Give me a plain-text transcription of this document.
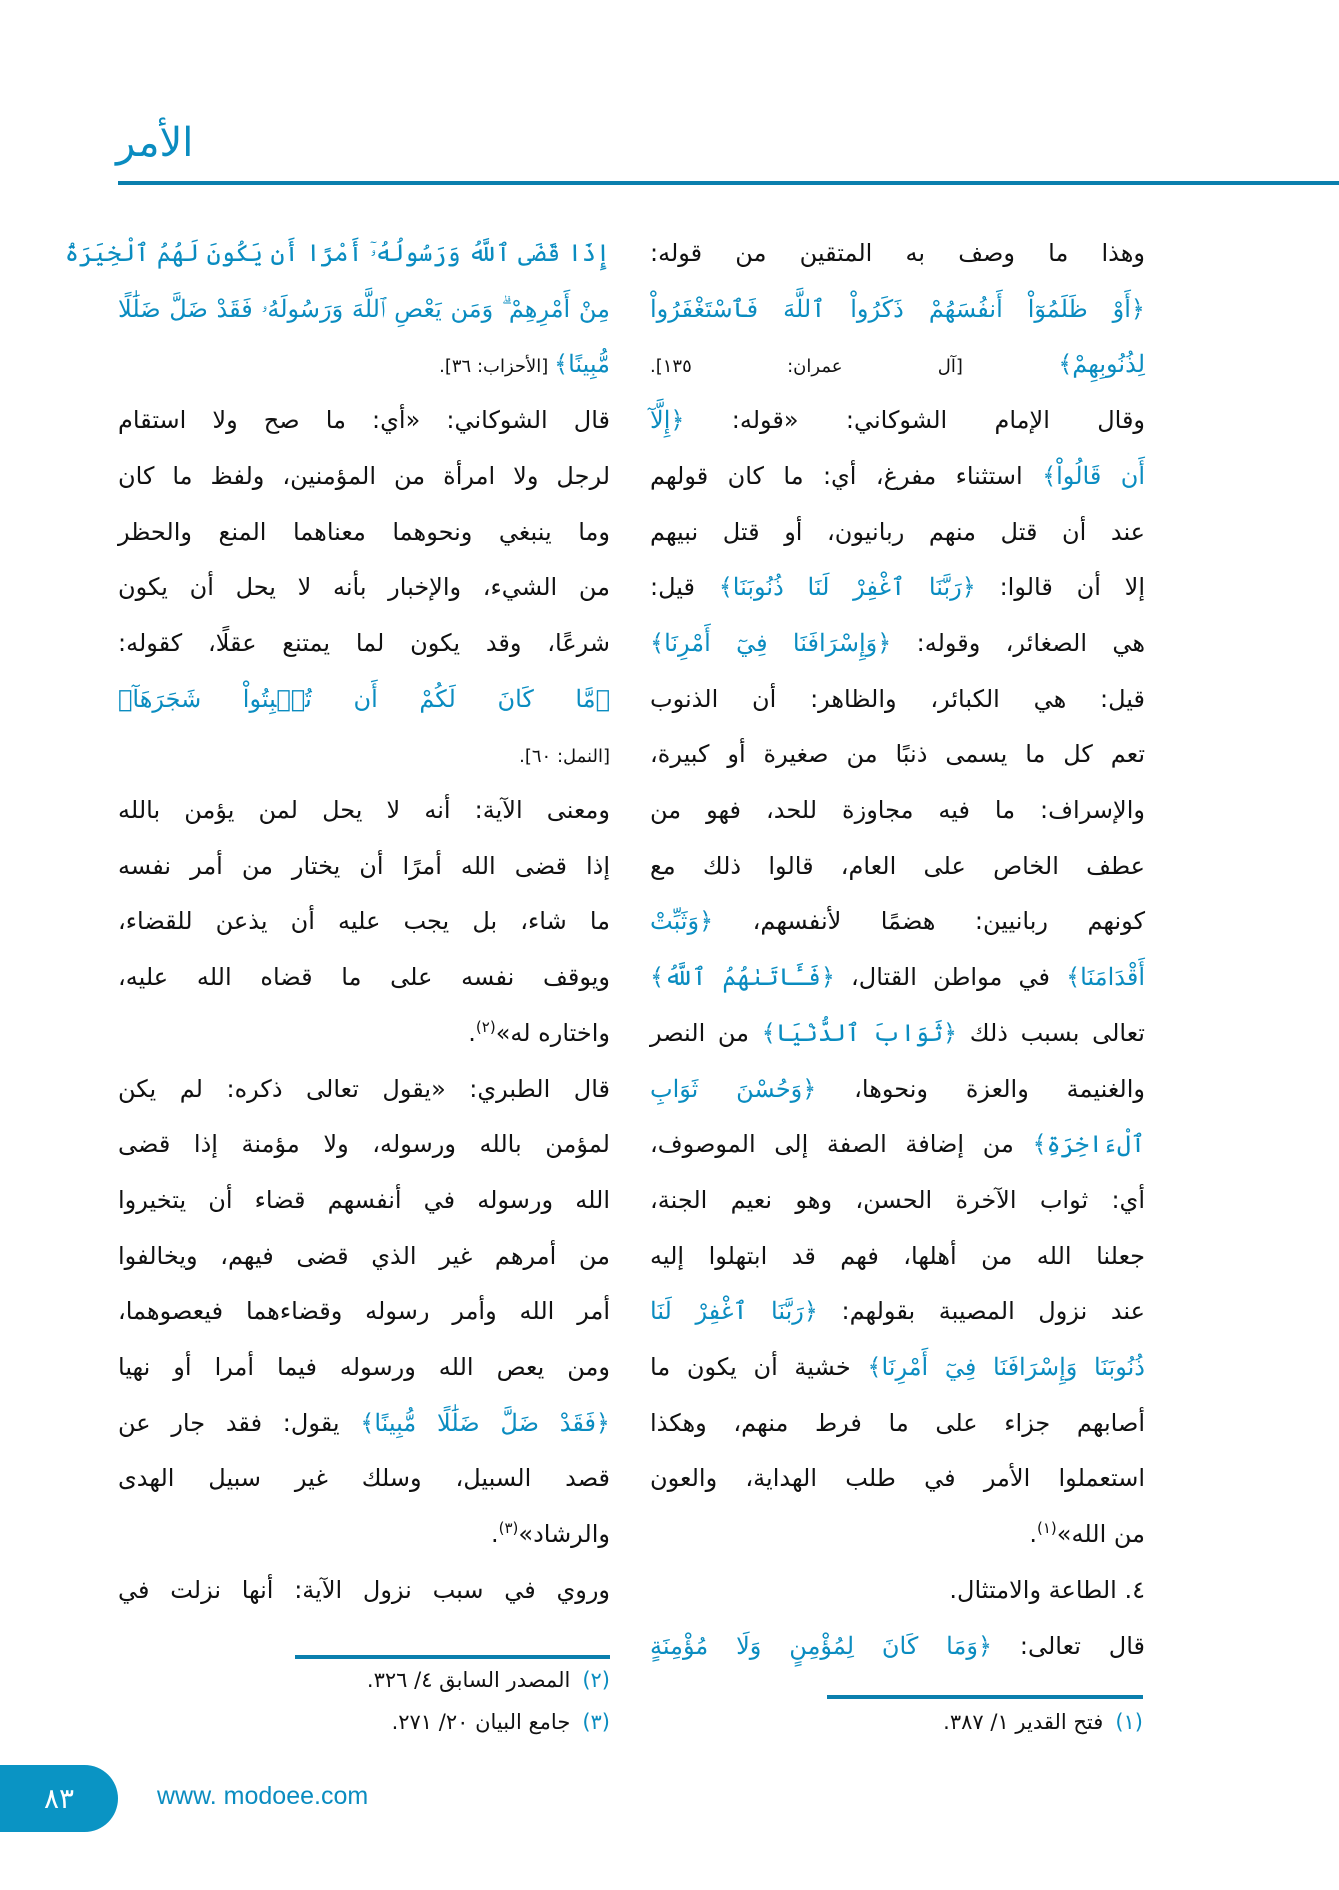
الأمر
وهذا ما وصف به المتقين من قوله:
﴿أَوْ ظَلَمُوٓاْ أَنفُسَهُمْ ذَكَرُواْ ٱللَّهَ فَٱسْتَغْفَرُواْ
لِذُنُوبِهِمْ﴾ [آل عمران: ١٣٥].
وقال الإمام الشوكاني: «قوله: ﴿إِلَّآ
أَن قَالُواْ﴾ استثناء مفرغ، أي: ما كان قولهم
عند أن قتل منهم ربانيون، أو قتل نبيهم
إلا أن قالوا: ﴿رَبَّنَا ٱغْفِرْ لَنَا ذُنُوبَنَا﴾ قيل:
هي الصغائر، وقوله: ﴿وَإِسْرَافَنَا فِيٓ أَمْرِنَا﴾
قيل: هي الكبائر، والظاهر: أن الذنوب
تعم كل ما يسمى ذنبًا من صغيرة أو كبيرة،
والإسراف: ما فيه مجاوزة للحد، فهو من
عطف الخاص على العام، قالوا ذلك مع
كونهم ربانيين: هضمًا لأنفسهم، ﴿وَثَبِّتْ
أَقْدَامَنَا﴾ في مواطن القتال، ﴿فَـَٔاتَىٰهُمُ ٱللَّهُ﴾
تعالى بسبب ذلك ﴿ثَوَابَ ٱلدُّنْيَا﴾ من النصر
والغنيمة والعزة ونحوها، ﴿وَحُسْنَ ثَوَابِ
ٱلْءَاخِرَةِ﴾ من إضافة الصفة إلى الموصوف،
أي: ثواب الآخرة الحسن، وهو نعيم الجنة،
جعلنا الله من أهلها، فهم قد ابتهلوا إليه
عند نزول المصيبة بقولهم: ﴿رَبَّنَا ٱغْفِرْ لَنَا
ذُنُوبَنَا وَإِسْرَافَنَا فِيٓ أَمْرِنَا﴾ خشية أن يكون ما
أصابهم جزاء على ما فرط منهم، وهكذا
استعملوا الأمر في طلب الهداية، والعون
من الله»$^{(١)}$.
٤. الطاعة والامتثال.
قال تعالى: ﴿وَمَا كَانَ لِمُؤْمِنٍ وَلَا مُؤْمِنَةٍ
إِذَا قَضَى ٱللَّهُ وَرَسُولُهُۥٓ أَمْرًا أَن يَكُونَ لَهُمُ ٱلْخِيَرَةُ
مِنْ أَمْرِهِمْ ۗ وَمَن يَعْصِ ٱللَّهَ وَرَسُولَهُۥ فَقَدْ ضَلَّ ضَلَٰلًا
مُّبِينًا﴾ [الأحزاب: ٣٦].
قال الشوكاني: «أي: ما صح ولا استقام
لرجل ولا امرأة من المؤمنين، ولفظ ما كان
وما ينبغي ونحوهما معناهما المنع والحظر
من الشيء، والإخبار بأنه لا يحل أن يكون
شرعًا، وقد يكون لما يمتنع عقلًا، كقوله:
﴿مَّا كَانَ لَكُمْ أَن تُنۢبِتُواْ شَجَرَهَآ﴾
[النمل: ٦٠].
ومعنى الآية: أنه لا يحل لمن يؤمن بالله
إذا قضى الله أمرًا أن يختار من أمر نفسه
ما شاء، بل يجب عليه أن يذعن للقضاء،
ويوقف نفسه على ما قضاه الله عليه،
واختاره له»$^{(٢)}$.
قال الطبري: «يقول تعالى ذكره: لم يكن
لمؤمن بالله ورسوله، ولا مؤمنة إذا قضى
الله ورسوله في أنفسهم قضاء أن يتخيروا
من أمرهم غير الذي قضى فيهم، ويخالفوا
أمر الله وأمر رسوله وقضاءهما فيعصوهما،
ومن يعص الله ورسوله فيما أمرا أو نهيا
﴿فَقَدْ ضَلَّ ضَلَٰلًا مُّبِينًا﴾ يقول: فقد جار عن
قصد السبيل، وسلك غير سبيل الهدى
والرشاد»$^{(٣)}$.
وروي في سبب نزول الآية: أنها نزلت في
(١)فتح القدير ١/ ٣٨٧.
(٢)المصدر السابق ٤/ ٣٢٦.
(٣)جامع البيان ٢٠/ ٢٧١.
٨٣	www. modoee.com
